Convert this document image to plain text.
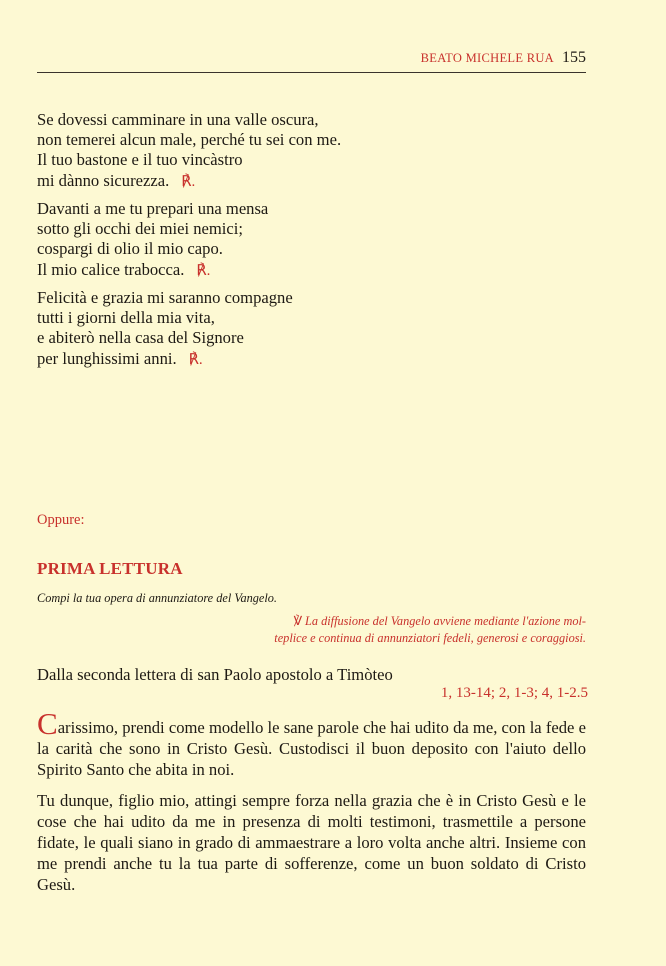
BEATO MICHELE RUA 155
Se dovessi camminare in una valle oscura,
non temerei alcun male, perché tu sei con me.
Il tuo bastone e il tuo vincàstro
mi dànno sicurezza. ℟.
Davanti a me tu prepari una mensa
sotto gli occhi dei miei nemici;
cospargi di olio il mio capo.
Il mio calice trabocca. ℟.
Felicità e grazia mi saranno compagne
tutti i giorni della mia vita,
e abiterò nella casa del Signore
per lunghissimi anni. ℟.
Oppure:
PRIMA LETTURA
Compi la tua opera di annunziatore del Vangelo.
℣ La diffusione del Vangelo avviene mediante l'azione mol-
teplice e continua di annunziatori fedeli, generosi e coraggiosi.
Dalla seconda lettera di san Paolo apostolo a Timòteo
1, 13-14; 2, 1-3; 4, 1-2.5
Carissimo, prendi come modello le sane parole che hai udito da me, con la fede e la carità che sono in Cristo Gesù. Custodisci il buon deposito con l'aiuto dello Spirito Santo che abita in noi.
Tu dunque, figlio mio, attingi sempre forza nella grazia che è in Cristo Gesù e le cose che hai udito da me in presenza di molti testimoni, trasmettile a persone fidate, le quali siano in grado di ammaestrare a loro volta anche altri. Insieme con me prendi anche tu la tua parte di sofferenze, come un buon soldato di Cristo Gesù.
